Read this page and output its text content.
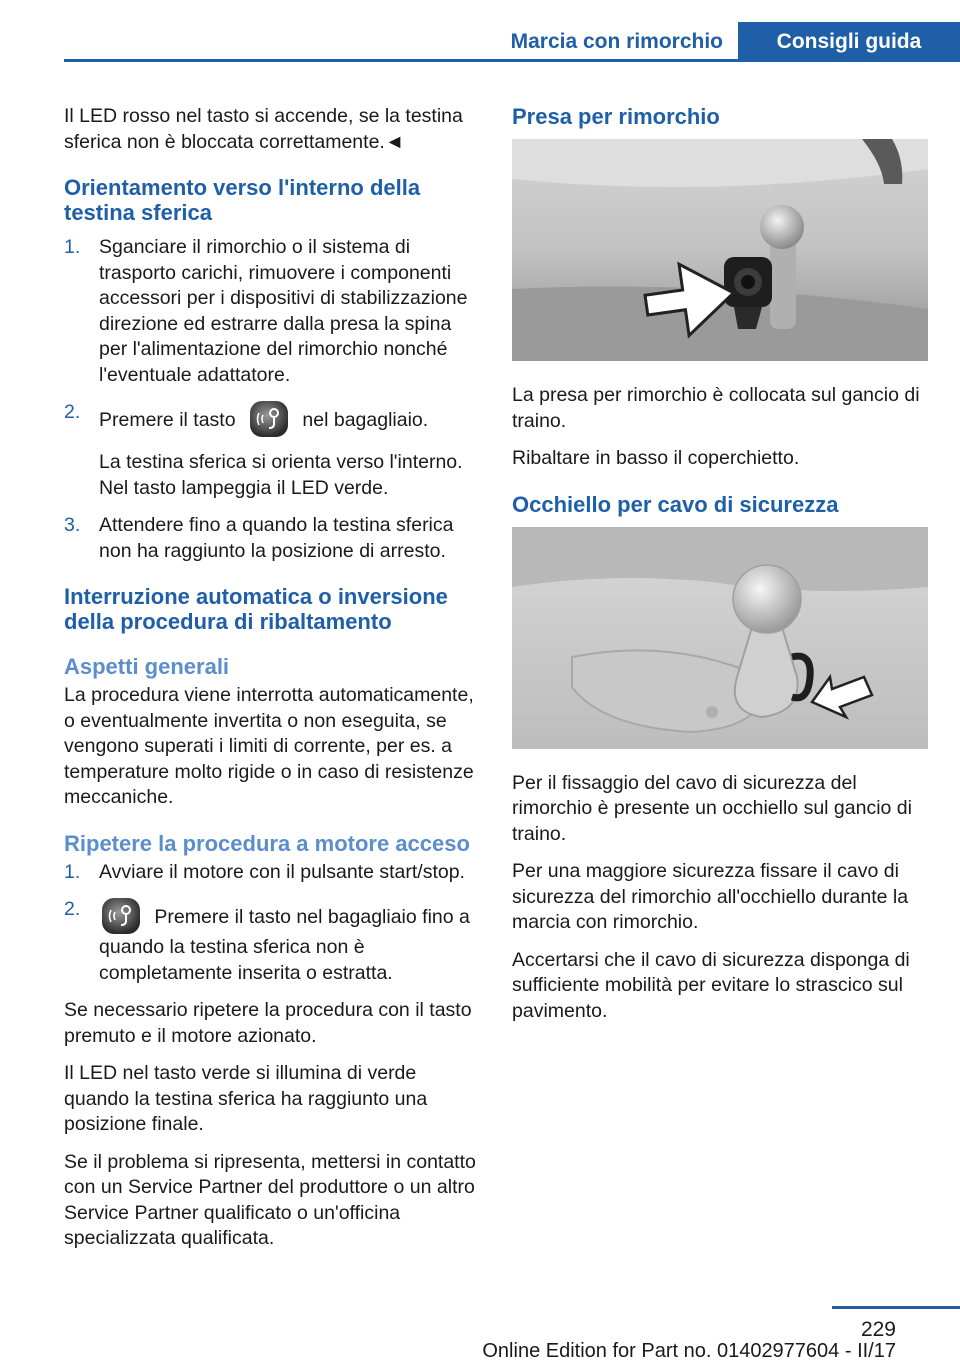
Marcia con rimorchio	Consigli guida

Il LED rosso nel tasto si accende, se la testina sferica non è bloccata correttamente.◄

Orientamento verso l'interno della testina sferica
1. Sganciare il rimorchio o il sistema di trasporto carichi, rimuovere i componenti accessori per i dispositivi di stabilizzazione direzione ed estrarre dalla presa la spina per l'alimentazione del rimorchio nonché l'eventuale adattatore.
2. Premere il tasto	nel bagagliaio.
La testina sferica si orienta verso l'interno. Nel tasto lampeggia il LED verde.
3. Attendere fino a quando la testina sferica non ha raggiunto la posizione di arresto.
Interruzione automatica o inversione della procedura di ribaltamento
Aspetti generali

La procedura viene interrotta automaticamente, o eventualmente invertita o non eseguita, se vengono superati i limiti di corrente, per es. a temperature molto rigide o in caso di resistenze meccaniche.

Ripetere la procedura a motore acceso
1. Avviare il motore con il pulsante start/stop.
2.	Premere il tasto nel bagagliaio fino a quando la testina sferica non è completamente inserita o estratta.

Se necessario ripetere la procedura con il tasto premuto e il motore azionato.

Il LED nel tasto verde si illumina di verde quando la testina sferica ha raggiunto una posizione finale.

Se il problema si ripresenta, mettersi in contatto con un Service Partner del produttore o un altro Service Partner qualificato o un'officina specializzata qualificata.

Presa per rimorchio

La presa per rimorchio è collocata sul gancio di traino.

Ribaltare in basso il coperchietto.

Occhiello per cavo di sicurezza

Per il fissaggio del cavo di sicurezza del rimorchio è presente un occhiello sul gancio di traino.

Per una maggiore sicurezza fissare il cavo di sicurezza del rimorchio all'occhiello durante la marcia con rimorchio.

Accertarsi che il cavo di sicurezza disponga di sufficiente mobilità per evitare lo strascico sul pavimento.

229
Online Edition for Part no. 01402977604 - II/17
